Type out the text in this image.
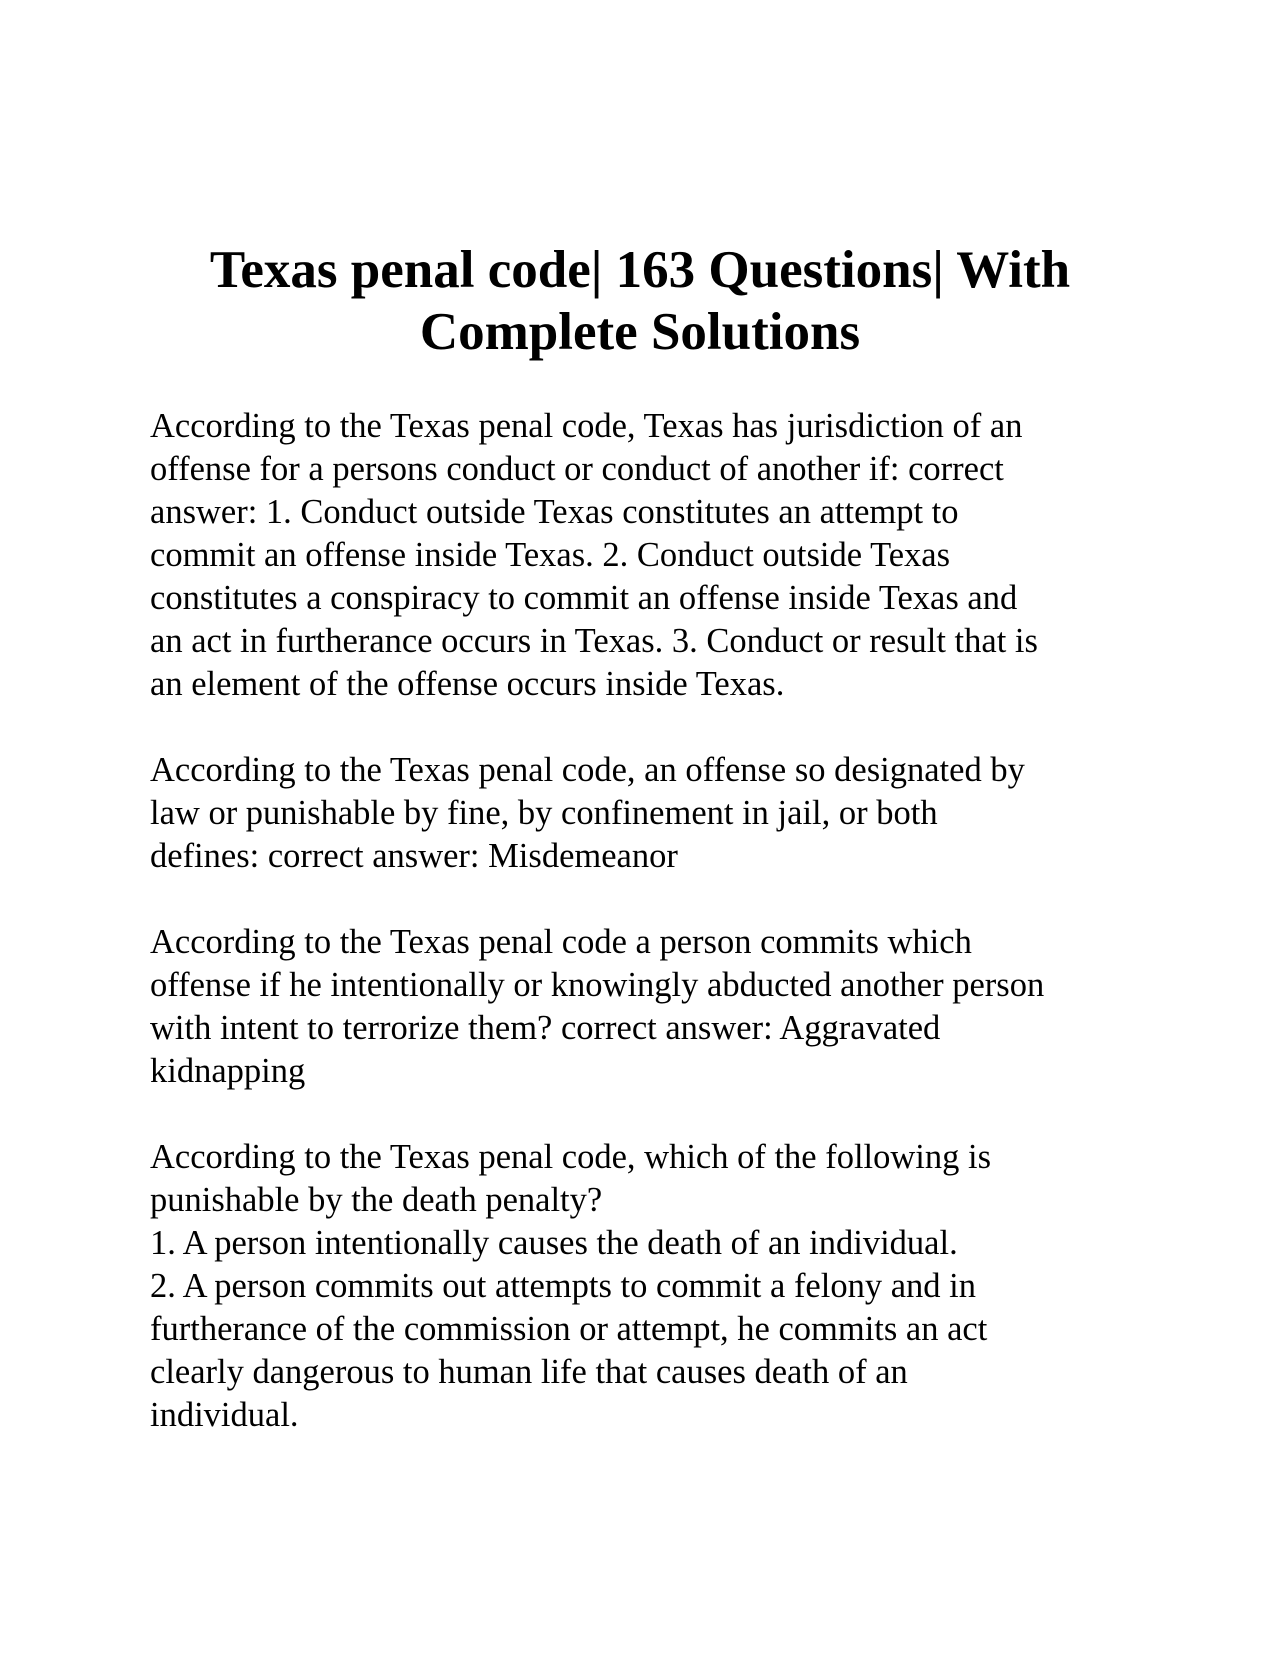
Texas penal code| 163 Questions| With
Complete Solutions
According to the Texas penal code, Texas has jurisdiction of an
offense for a persons conduct or conduct of another if: correct
answer: 1. Conduct outside Texas constitutes an attempt to
commit an offense inside Texas. 2. Conduct outside Texas
constitutes a conspiracy to commit an offense inside Texas and
an act in furtherance occurs in Texas. 3. Conduct or result that is
an element of the offense occurs inside Texas.
According to the Texas penal code, an offense so designated by
law or punishable by fine, by confinement in jail, or both
defines: correct answer: Misdemeanor
According to the Texas penal code a person commits which
offense if he intentionally or knowingly abducted another person
with intent to terrorize them? correct answer: Aggravated
kidnapping
According to the Texas penal code, which of the following is
punishable by the death penalty?
1. A person intentionally causes the death of an individual.
2. A person commits out attempts to commit a felony and in
furtherance of the commission or attempt, he commits an act
clearly dangerous to human life that causes death of an
individual.
